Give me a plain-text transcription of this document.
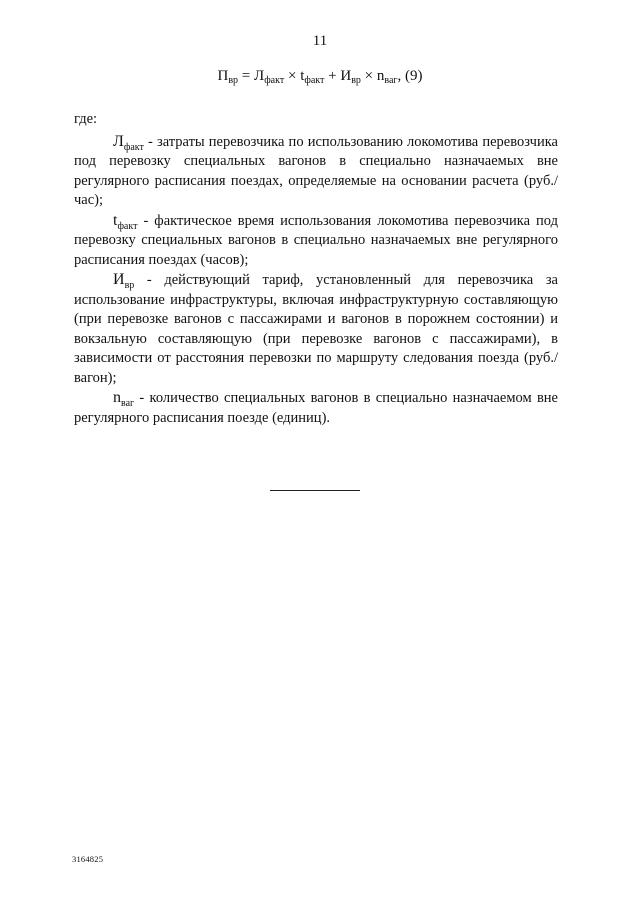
11
$П_{вр} = Л_{факт} \times t_{факт} + И_{вр} \times n_{ваг}$, (9)

где:

$Л_{факт}$ - затраты перевозчика по использованию локомотива перевозчика под перевозку специальных вагонов в специально назначаемых вне регулярного расписания поездах, определяемые на основании расчета (руб./час);

$t_{факт}$ - фактическое время использования локомотива перевозчика под перевозку специальных вагонов в специально назначаемых вне регулярного расписания поездах (часов);

$И_{вр}$ - действующий тариф, установленный для перевозчика за использование инфраструктуры, включая инфраструктурную составляющую (при перевозке вагонов с пассажирами и вагонов в порожнем состоянии) и вокзальную составляющую (при перевозке вагонов с пассажирами), в зависимости от расстояния перевозки по маршруту следования поезда (руб./вагон);

$n_{ваг}$ - количество специальных вагонов в специально назначаемом вне регулярного расписания поезде (единиц).

3164825
